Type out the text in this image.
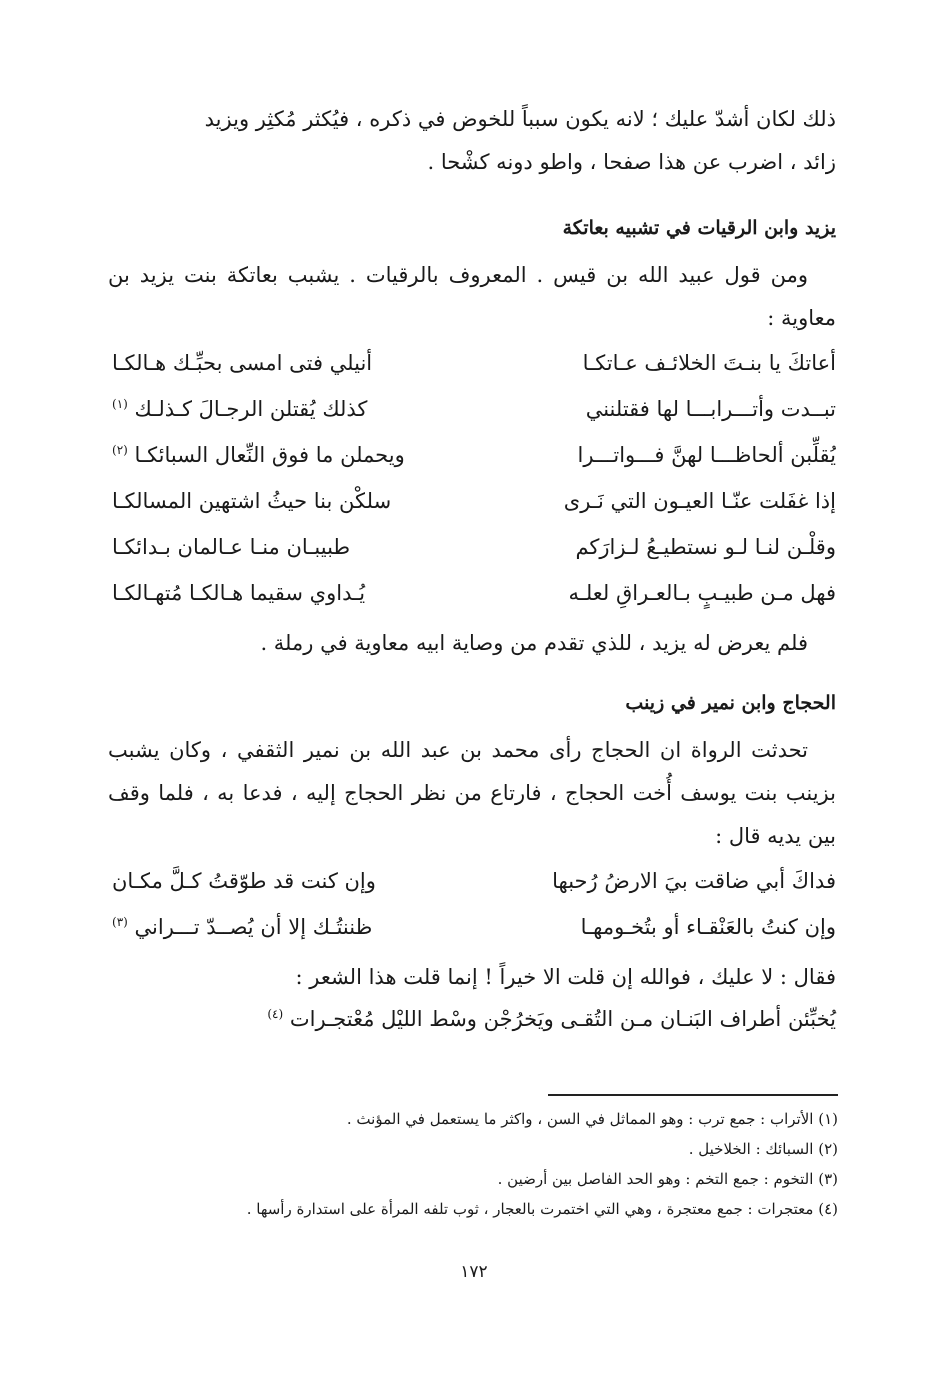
ذلك لكان أشدّ عليك ؛ لانه يكون سبباً للخوض في ذكره ، فيُكثر مُكثِر ويزيد
زائد ، اضرب عن هذا صفحا ، واطو دونه كشْحا .

يزيد وابن الرقيات في تشبيه بعاتكة

ومن قول عبيد الله بن قيس . المعروف بالرقيات . يشبب بعاتكة بنت يزيد بن معاوية :

أعاتكَ يا بنـتَ الخلائـف عـاتكـا
أنيلي فتى امسى بحبِّـك هـالكـا
تبــدت وأتـــرابـــا لها فقتلنني
كذلك يُقتلن الرجـالَ كـذلـك $^{(١)}$
يُقلِّبن ألحاظـــا لهنَّ فـــواتـــرا
ويحملن ما فوق النِّعال السبائكـا $^{(٢)}$
إذا غفَلت عنّـا العيـون التي نَـرى
سلكْن بنا حيثُ اشتهين المسالكـا
وقلْـن لنـا لـو نستطيـعُ لـزارَكم
طبيبـان منـا عـالمان بـدائكـا
فهل مـن طبيـبٍ بـالعـراقِ لعلـه
يُـداوي سقيما هـالكـا مُتهـالكـا

فلم يعرض له يزيد ، للذي تقدم من وصاية ابيه معاوية في رملة .

الحجاج وابن نمير في زينب

تحدثت الرواة ان الحجاج رأى محمد بن عبد الله بن نمير الثقفي ، وكان يشبب بزينب بنت يوسف أُخت الحجاج ، فارتاع من نظر الحجاج إليه ، فدعا به ، فلما وقف بين يديه قال :

فداكَ أبي ضاقت بيَ الارضُ رُحبها
وإن كنت قد طوّقتُ كـلَّ مكـان
وإن كنتُ بالعَنْقـاء أو بتُخـومهـا
ظننتُـك إلا أن يُصــدّ تـــراني $^{(٣)}$

فقال : لا عليك ، فوالله إن قلت الا خيراً ! إنما قلت هذا الشعر :

يُخبِّئن أطراف البَنـان مـن التُقـى ويَخرُجْن وسْط الليْل مُعْتجـرات $^{(٤)}$

(١) الأتراب : جمع ترب : وهو المماثل في السن ، واكثر ما يستعمل في المؤنث .

(٢) السبائك : الخلاخيل .

(٣) التخوم : جمع التخم : وهو الحد الفاصل بين أرضين .

(٤) معتجرات : جمع معتجرة ، وهي التي اختمرت بالعجار ، ثوب تلفه المرأة على استدارة رأسها .

١٧٢
